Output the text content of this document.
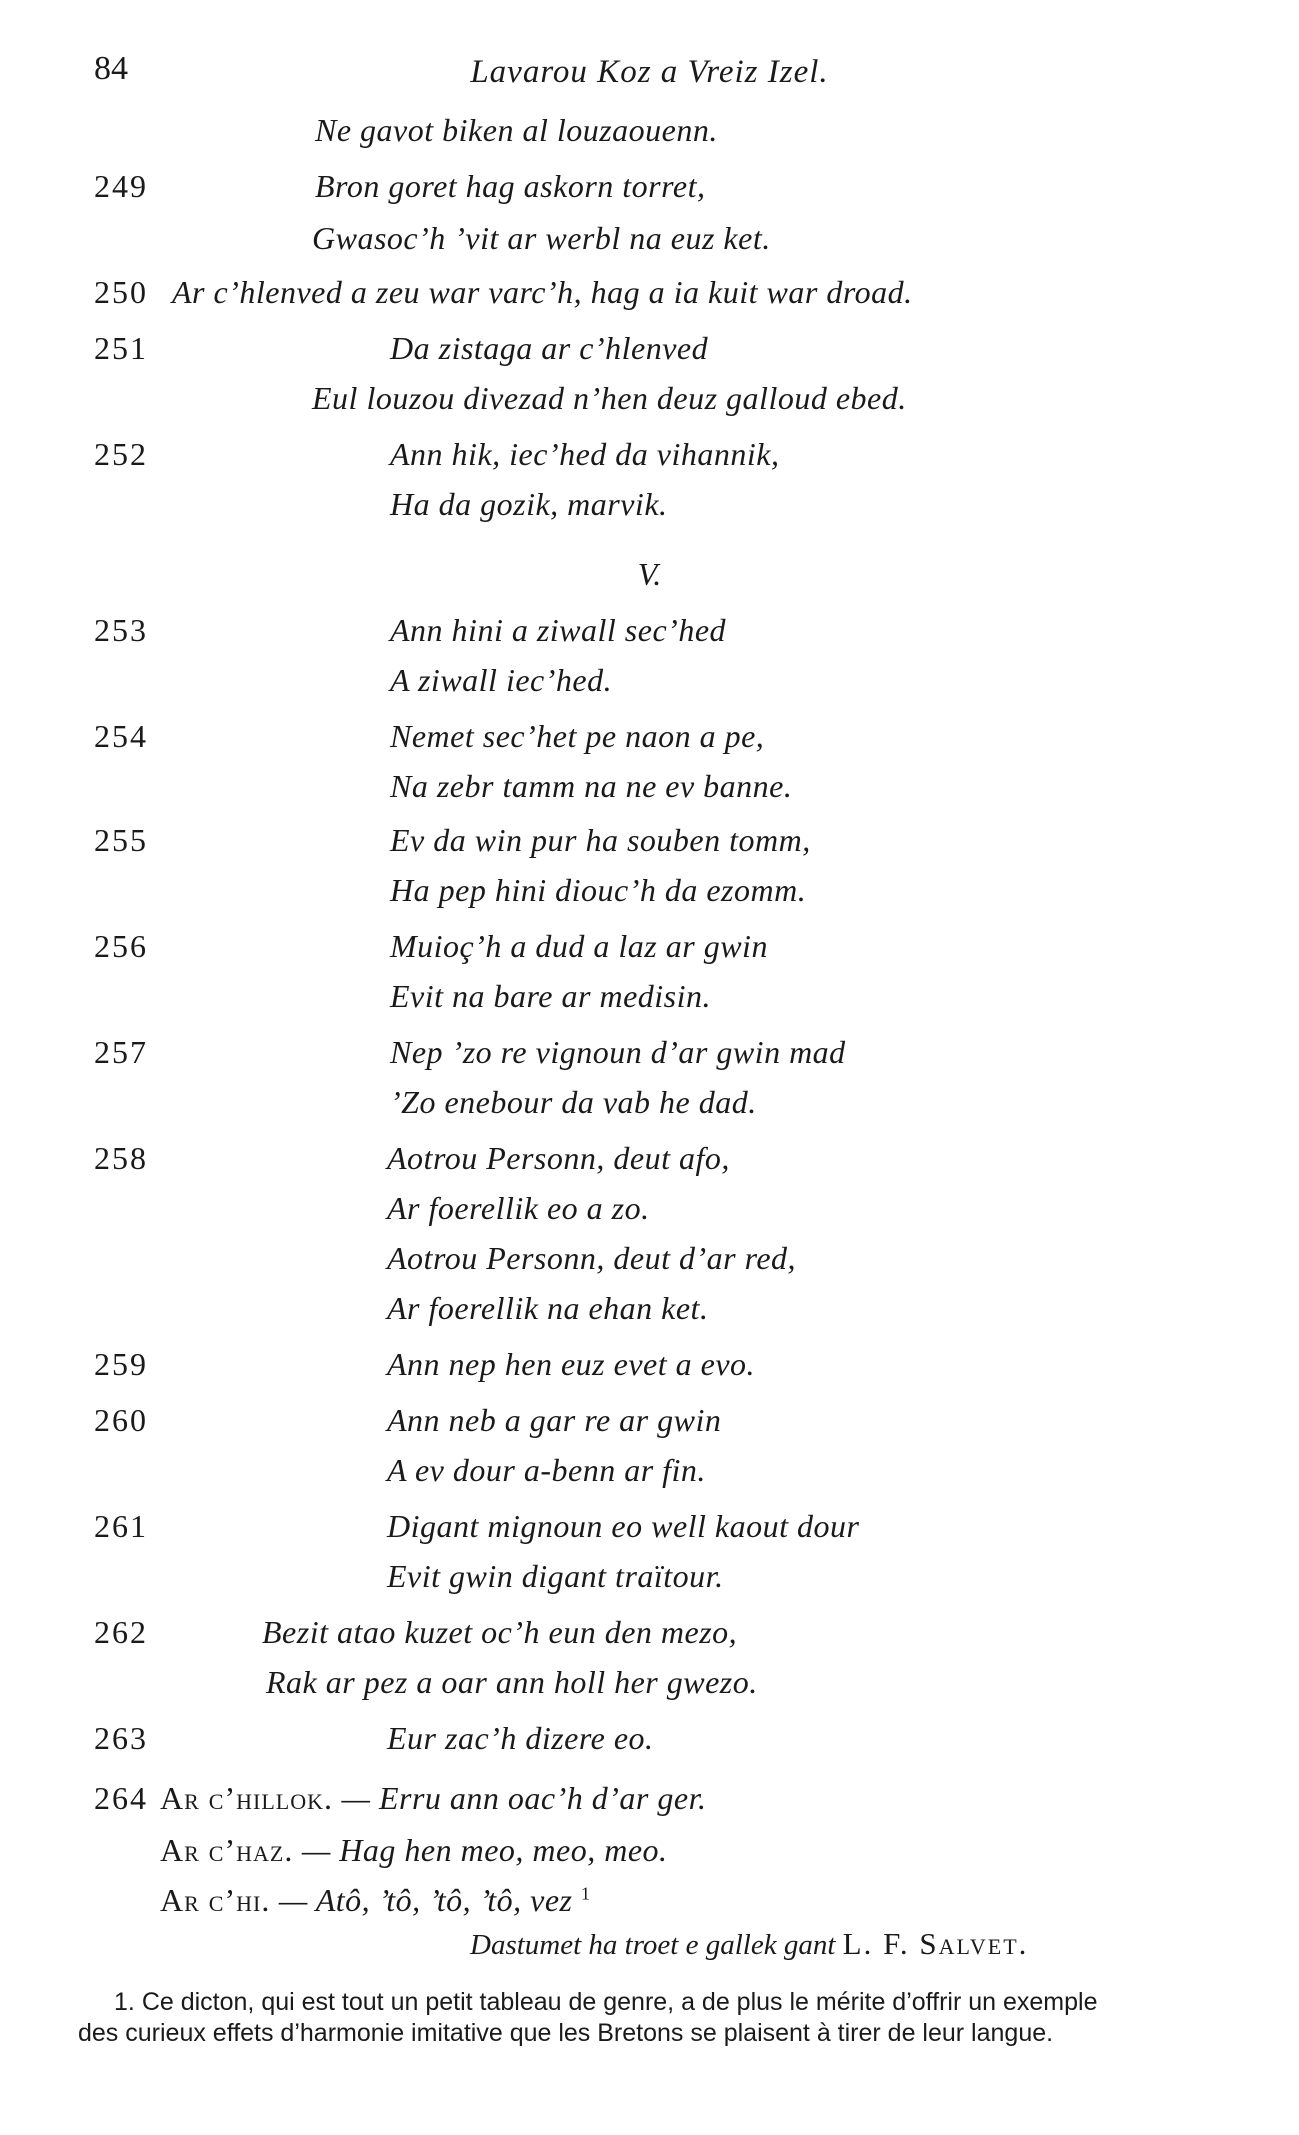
84	Lavarou Koz a Vreiz Izel.
Ne gavot biken al louzaouenn.
249	Bron goret hag askorn torret,
Gwasoc’h ’vit ar werbl na euz ket.
250 Ar c’hlenved a zeu war varc’h, hag a ia kuit war droad.
251	Da zistaga ar c’hlenved
Eul louzou divezad n’hen deuz galloud ebed.
252	Ann hik, iec’hed da vihannik,
Ha da gozik, marvik.
V.
253	Ann hini a ziwall sec’hed
A ziwall iec’hed.
254	Nemet sec’het pe naon a pe,
Na zebr tamm na ne ev banne.
255	Ev da win pur ha souben tomm,
Ha pep hini diouc’h da ezomm.
256	Muioç’h a dud a laz ar gwin
Evit na bare ar medisin.
257	Nep ’zo re vignoun d’ar gwin mad
’Zo enebour da vab he dad.
258	Aotrou Personn, deut afo,
Ar foerellik eo a zo.
Aotrou Personn, deut d’ar red,
Ar foerellik na ehan ket.
259	Ann nep hen euz evet a evo.
260	Ann neb a gar re ar gwin
A ev dour a-benn ar fin.
261	Digant mignoun eo well kaout dour
Evit gwin digant traïtour.
262	Bezit atao kuzet oc’h eun den mezo,
Rak ar pez a oar ann holl her gwezo.
263	Eur zac’h dizere eo.
264 Ar c’hillok. — Erru ann oac’h d’ar ger.
Ar c’haz. — Hag hen meo, meo, meo.
Ar c’hi. — Atô, ’tô, ’tô, ’tô, vez $^1$
Dastumet ha troet e gallek gant L. F. Salvet.
1. Ce dicton, qui est tout un petit tableau de genre, a de plus le mérite d’offrir un exemple
des curieux effets d’harmonie imitative que les Bretons se plaisent à tirer de leur langue.
